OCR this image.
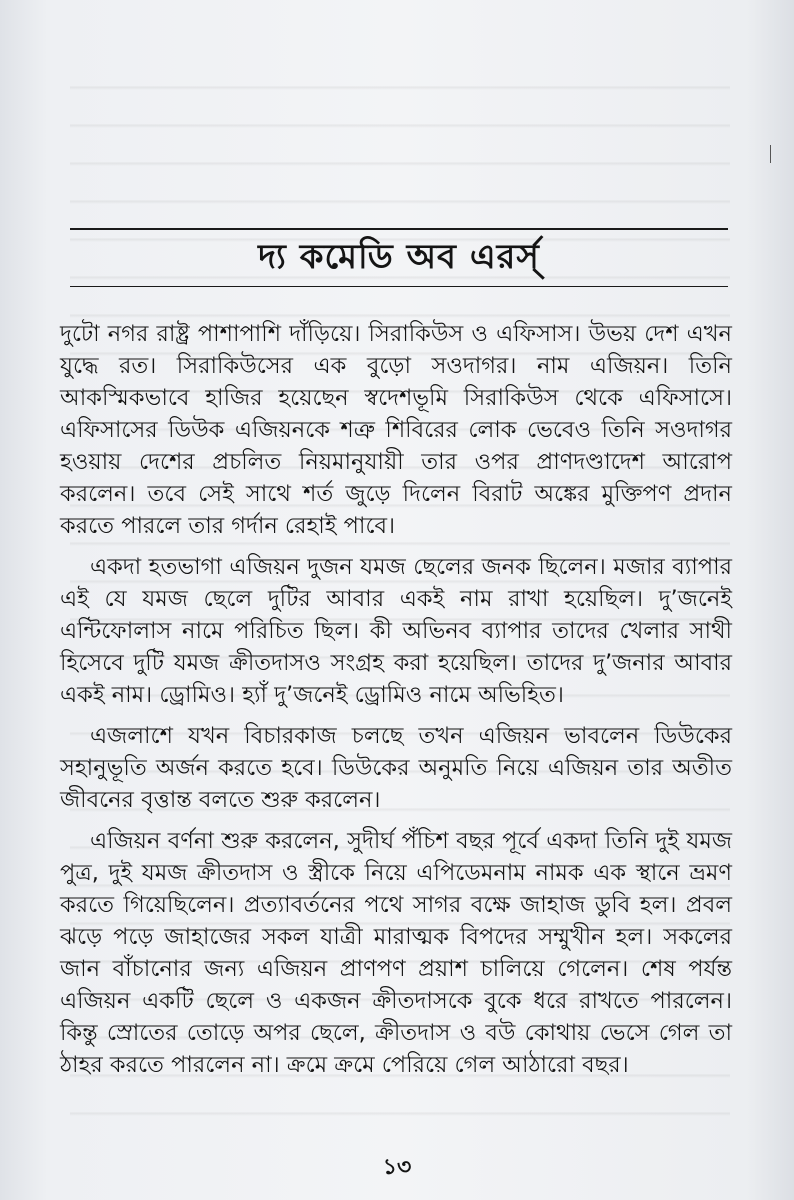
দ্য কমেডি অব এরর্স্

দুটো নগর রাষ্ট্র পাশাপাশি দাঁড়িয়ে। সিরাকিউস ও এফিসাস। উভয় দেশ এখন যুদ্ধে রত। সিরাকিউসের এক বুড়ো সওদাগর। নাম এজিয়ন। তিনি আকস্মিকভাবে হাজির হয়েছেন স্বদেশভূমি সিরাকিউস থেকে এফিসাসে। এফিসাসের ডিউক এজিয়নকে শত্রু শিবিরের লোক ভেবেও তিনি সওদাগর হওয়ায় দেশের প্রচলিত নিয়মানুযায়ী তার ওপর প্রাণদণ্ডাদেশ আরোপ করলেন। তবে সেই সাথে শর্ত জুড়ে দিলেন বিরাট অঙ্কের মুক্তিপণ প্রদান করতে পারলে তার গর্দান রেহাই পাবে।

একদা হতভাগা এজিয়ন দুজন যমজ ছেলের জনক ছিলেন। মজার ব্যাপার এই যে যমজ ছেলে দুটির আবার একই নাম রাখা হয়েছিল। দু’জনেই এন্টিফোলাস নামে পরিচিত ছিল। কী অভিনব ব্যাপার তাদের খেলার সাথী হিসেবে দুটি যমজ ক্রীতদাসও সংগ্রহ করা হয়েছিল। তাদের দু’জনার আবার একই নাম। ড্রোমিও। হ্যাঁ দু’জনেই ড্রোমিও নামে অভিহিত।

এজলাশে যখন বিচারকাজ চলছে তখন এজিয়ন ভাবলেন ডিউকের সহানুভূতি অর্জন করতে হবে। ডিউকের অনুমতি নিয়ে এজিয়ন তার অতীত জীবনের বৃত্তান্ত বলতে শুরু করলেন।

এজিয়ন বর্ণনা শুরু করলেন, সুদীর্ঘ পঁচিশ বছর পূর্বে একদা তিনি দুই যমজ পুত্র, দুই যমজ ক্রীতদাস ও স্ত্রীকে নিয়ে এপিডেমনাম নামক এক স্থানে ভ্রমণ করতে গিয়েছিলেন। প্রত্যাবর্তনের পথে সাগর বক্ষে জাহাজ ডুবি হল। প্রবল ঝড়ে পড়ে জাহাজের সকল যাত্রী মারাত্মক বিপদের সম্মুখীন হল। সকলের জান বাঁচানোর জন্য এজিয়ন প্রাণপণ প্রয়াশ চালিয়ে গেলেন। শেষ পর্যন্ত এজিয়ন একটি ছেলে ও একজন ক্রীতদাসকে বুকে ধরে রাখতে পারলেন। কিন্তু স্রোতের তোড়ে অপর ছেলে, ক্রীতদাস ও বউ কোথায় ভেসে গেল তা ঠাহর করতে পারলেন না। ক্রমে ক্রমে পেরিয়ে গেল আঠারো বছর।

১৩
